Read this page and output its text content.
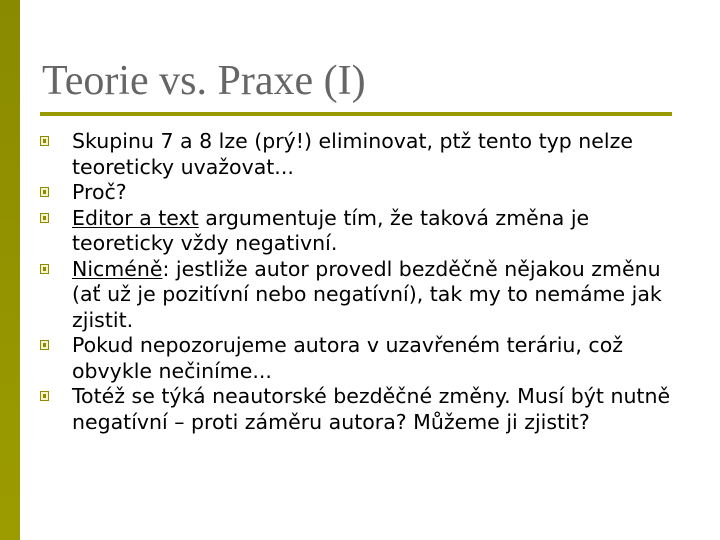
Teorie vs. Praxe (I)
Skupinu 7 a 8 lze (prý!) eliminovat, ptž tento typ nelze teoreticky uvažovat...
Proč?
Editor a text argumentuje tím, že taková změna je teoreticky vždy negativní.
Nicméně: jestliže autor provedl bezděčně nějakou změnu (ať už je pozitívní nebo negatívní), tak my to nemáme jak zjistit.
Pokud nepozorujeme autora v uzavřeném teráriu, což obvykle nečiníme...
Totéž se týká neautorské bezděčné změny. Musí být nutně negatívní – proti záměru autora? Můžeme ji zjistit?
